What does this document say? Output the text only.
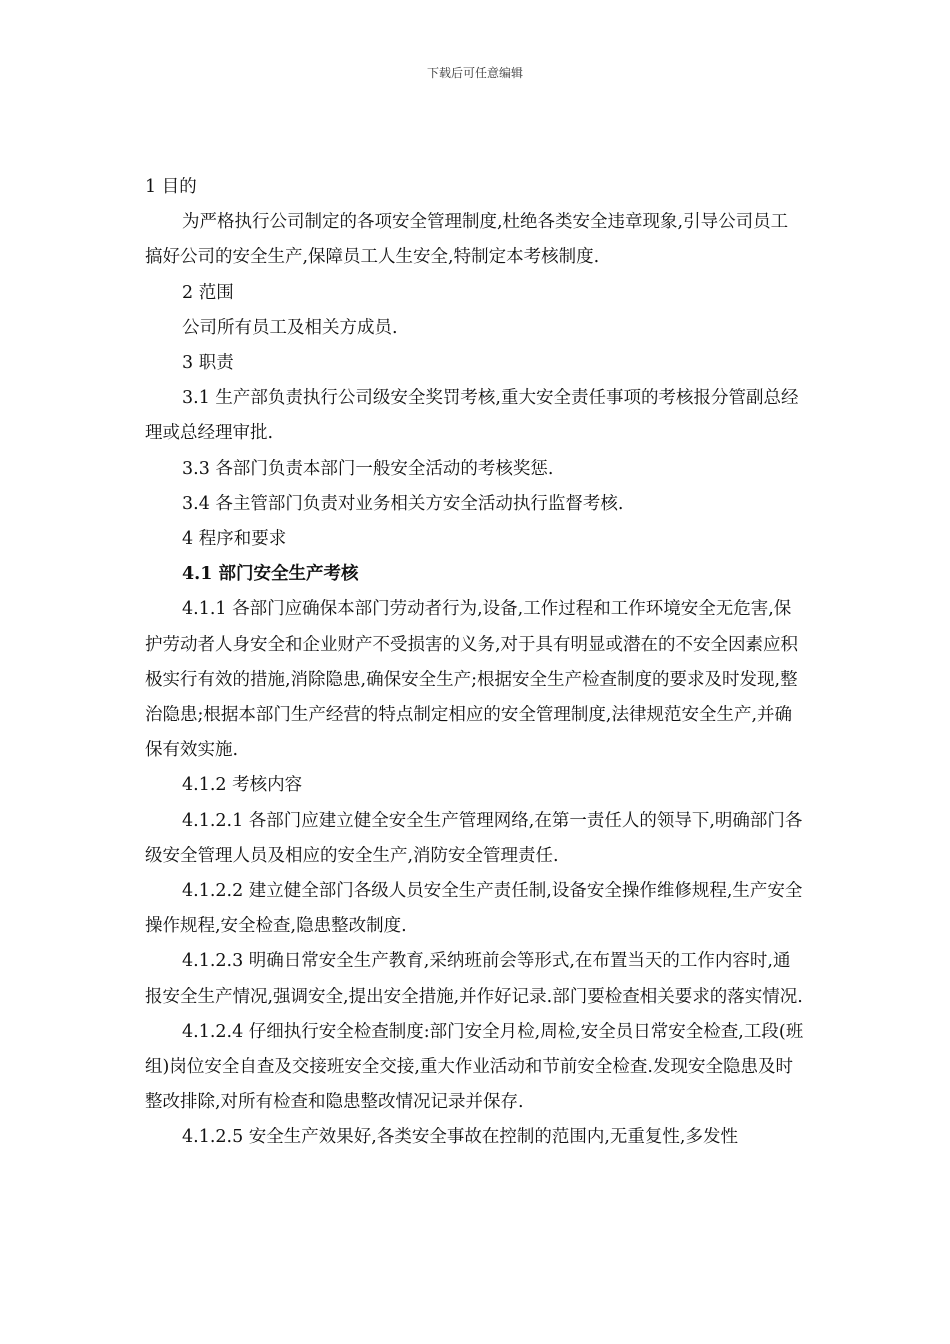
下载后可任意编辑

1 目的

为严格执行公司制定的各项安全管理制度,杜绝各类安全违章现象,引导公司员工搞好公司的安全生产,保障员工人生安全,特制定本考核制度.

2 范围

公司所有员工及相关方成员.

3 职责

3.1 生产部负责执行公司级安全奖罚考核,重大安全责任事项的考核报分管副总经理或总经理审批.

3.3 各部门负责本部门一般安全活动的考核奖惩.

3.4 各主管部门负责对业务相关方安全活动执行监督考核.

4 程序和要求

4.1 部门安全生产考核

4.1.1 各部门应确保本部门劳动者行为,设备,工作过程和工作环境安全无危害,保护劳动者人身安全和企业财产不受损害的义务,对于具有明显或潜在的不安全因素应积极实行有效的措施,消除隐患,确保安全生产;根据安全生产检查制度的要求及时发现,整治隐患;根据本部门生产经营的特点制定相应的安全管理制度,法律规范安全生产,并确保有效实施.

4.1.2 考核内容

4.1.2.1 各部门应建立健全安全生产管理网络,在第一责任人的领导下,明确部门各级安全管理人员及相应的安全生产,消防安全管理责任.

4.1.2.2 建立健全部门各级人员安全生产责任制,设备安全操作维修规程,生产安全操作规程,安全检查,隐患整改制度.

4.1.2.3 明确日常安全生产教育,采纳班前会等形式,在布置当天的工作内容时,通报安全生产情况,强调安全,提出安全措施,并作好记录.部门要检查相关要求的落实情况.

4.1.2.4 仔细执行安全检查制度:部门安全月检,周检,安全员日常安全检查,工段(班组)岗位安全自查及交接班安全交接,重大作业活动和节前安全检查.发现安全隐患及时整改排除,对所有检查和隐患整改情况记录并保存.

4.1.2.5 安全生产效果好,各类安全事故在控制的范围内,无重复性,多发性
